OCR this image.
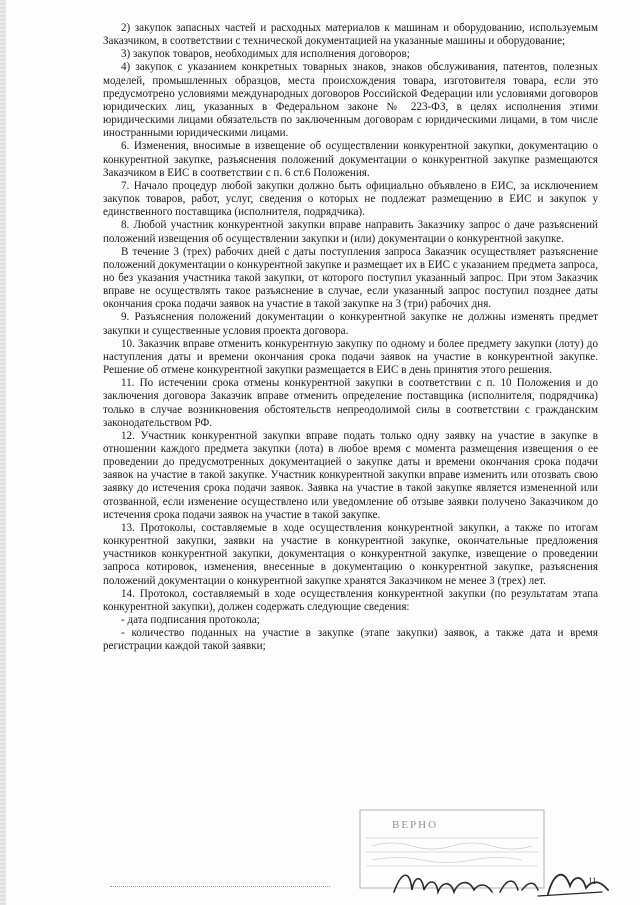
2) закупок запасных частей и расходных материалов к машинам и оборудованию, используемым Заказчиком, в соответствии с технической документацией на указанные машины и оборудование;

3) закупок товаров, необходимых для исполнения договоров;

4) закупок с указанием конкретных товарных знаков, знаков обслуживания, патентов, полезных моделей, промышленных образцов, места происхождения товара, изготовителя товара, если это предусмотрено условиями международных договоров Российской Федерации или условиями договоров юридических лиц, указанных в Федеральном законе № 223-ФЗ, в целях исполнения этими юридическими лицами обязательств по заключенным договорам с юридическими лицами, в том числе иностранными юридическими лицами.

6. Изменения, вносимые в извещение об осуществлении конкурентной закупки, документацию о конкурентной закупке, разъяснения положений документации о конкурентной закупке размещаются Заказчиком в ЕИС в соответствии с п. 6 ст.6 Положения.

7. Начало процедур любой закупки должно быть официально объявлено в ЕИС, за исключением закупок товаров, работ, услуг, сведения о которых не подлежат размещению в ЕИС и закупок у единственного поставщика (исполнителя, подрядчика).

8. Любой участник конкурентной закупки вправе направить Заказчику запрос о даче разъяснений положений извещения об осуществлении закупки и (или) документации о конкурентной закупке.

В течение 3 (трех) рабочих дней с даты поступления запроса Заказчик осуществляет разъяснение положений документации о конкурентной закупке и размещает их в ЕИС с указанием предмета запроса, но без указания участника такой закупки, от которого поступил указанный запрос. При этом Заказчик вправе не осуществлять такое разъяснение в случае, если указанный запрос поступил позднее даты окончания срока подачи заявок на участие в такой закупке на 3 (три) рабочих дня.

9. Разъяснения положений документации о конкурентной закупке не должны изменять предмет закупки и существенные условия проекта договора.

10. Заказчик вправе отменить конкурентную закупку по одному и более предмету закупки (лоту) до наступления даты и времени окончания срока подачи заявок на участие в конкурентной закупке. Решение об отмене конкурентной закупки размещается в ЕИС в день принятия этого решения.

11. По истечении срока отмены конкурентной закупки в соответствии с п. 10 Положения и до заключения договора Заказчик вправе отменить определение поставщика (исполнителя, подрядчика) только в случае возникновения обстоятельств непреодолимой силы в соответствии с гражданским законодательством РФ.

12. Участник конкурентной закупки вправе подать только одну заявку на участие в закупке в отношении каждого предмета закупки (лота) в любое время с момента размещения извещения о ее проведении до предусмотренных документацией о закупке даты и времени окончания срока подачи заявок на участие в такой закупке. Участник конкурентной закупки вправе изменить или отозвать свою заявку до истечения срока подачи заявок. Заявка на участие в такой закупке является измененной или отозванной, если изменение осуществлено или уведомление об отзыве заявки получено Заказчиком до истечения срока подачи заявок на участие в такой закупке.

13. Протоколы, составляемые в ходе осуществления конкурентной закупки, а также по итогам конкурентной закупки, заявки на участие в конкурентной закупке, окончательные предложения участников конкурентной закупки, документация о конкурентной закупке, извещение о проведении запроса котировок, изменения, внесенные в документацию о конкурентной закупке, разъяснения положений документации о конкурентной закупке хранятся Заказчиком не менее 3 (трех) лет.

14. Протокол, составляемый в ходе осуществления конкурентной закупки (по результатам этапа конкурентной закупки), должен содержать следующие сведения:

- дата подписания протокола;

- количество поданных на участие в закупке (этапе закупки) заявок, а также дата и время регистрации каждой такой заявки;

ВЕРНО
11
